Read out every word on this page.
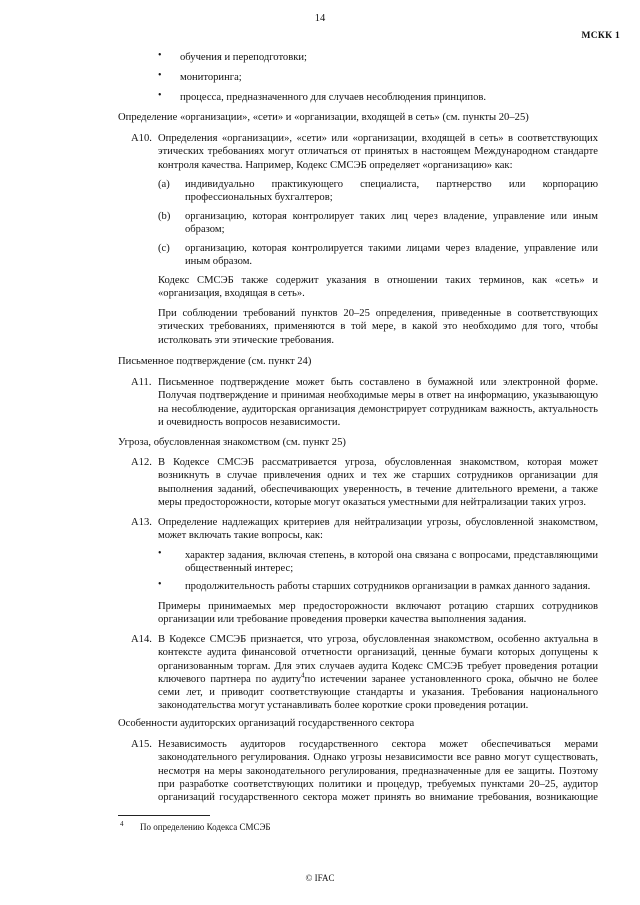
14
МСКК 1
• обучения и переподготовки;
• мониторинга;
• процесса, предназначенного для случаев несоблюдения принципов.
Определение «организации», «сети» и «организации, входящей в сеть» (см. пункты 20–25)
A10. Определения «организации», «сети» или «организации, входящей в сеть» в соответствующих этических требованиях могут отличаться от принятых в настоящем Международном стандарте контроля качества. Например, Кодекс СМСЭБ определяет «организацию» как:
(а) индивидуально практикующего специалиста, партнерство или корпорацию профессиональных бухгалтеров;
(b) организацию, которая контролирует таких лиц через владение, управление или иным образом;
(c) организацию, которая контролируется такими лицами через владение, управление или иным образом.
Кодекс СМСЭБ также содержит указания в отношении таких терминов, как «сеть» и «организация, входящая в сеть».
При соблюдении требований пунктов 20–25 определения, приведенные в соответствующих этических требованиях, применяются в той мере, в какой это необходимо для того, чтобы истолковать эти этические требования.
Письменное подтверждение (см. пункт 24)
A11. Письменное подтверждение может быть составлено в бумажной или электронной форме. Получая подтверждение и принимая необходимые меры в ответ на информацию, указывающую на несоблюдение, аудиторская организация демонстрирует сотрудникам важность, актуальность и очевидность вопросов независимости.
Угроза, обусловленная знакомством (см. пункт 25)
A12. В Кодексе СМСЭБ рассматривается угроза, обусловленная знакомством, которая может возникнуть в случае привлечения одних и тех же старших сотрудников организации для выполнения заданий, обеспечивающих уверенность, в течение длительного времени, а также меры предосторожности, которые могут оказаться уместными для нейтрализации таких угроз.
A13. Определение надлежащих критериев для нейтрализации угрозы, обусловленной знакомством, может включать такие вопросы, как:
• характер задания, включая степень, в которой она связана с вопросами, представляющими общественный интерес;
• продолжительность работы старших сотрудников организации в рамках данного задания.
Примеры принимаемых мер предосторожности включают ротацию старших сотрудников организации или требование проведения проверки качества выполнения задания.
A14. В Кодексе СМСЭБ признается, что угроза, обусловленная знакомством, особенно актуальна в контексте аудита финансовой отчетности организаций, ценные бумаги которых допущены к организованным торгам. Для этих случаев аудита Кодекс СМСЭБ требует проведения ротации ключевого партнера по аудиту$^4$по истечении заранее установленного срока, обычно не более семи лет, и приводит соответствующие стандарты и указания. Требования национального законодательства могут устанавливать более короткие сроки проведения ротации.
Особенности аудиторских организаций государственного сектора
A15. Независимость аудиторов государственного сектора может обеспечиваться мерами законодательного регулирования. Однако угрозы независимости все равно могут существовать, несмотря на меры законодательного регулирования, предназначенные для ее защиты. Поэтому при разработке соответствующих политики и процедур, требуемых пунктами 20–25, аудитор организаций государственного сектора может принять во внимание требования, возникающие
4 По определению Кодекса СМСЭБ
© IFAC
